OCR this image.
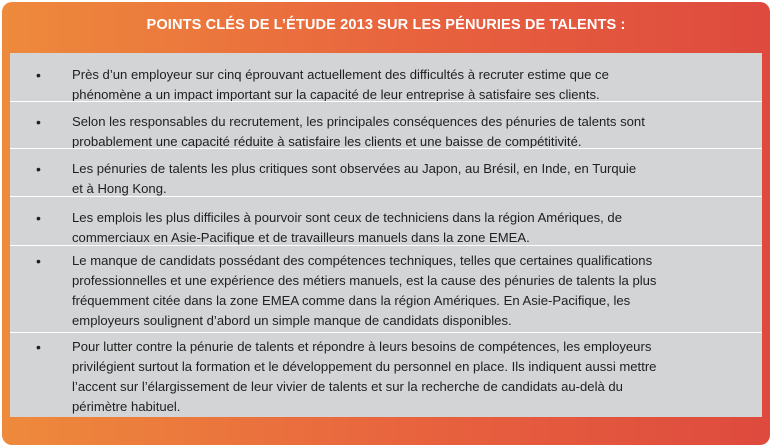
POINTS CLÉS DE L’ÉTUDE 2013 SUR LES PÉNURIES DE TALENTS :
• Près d’un employeur sur cinq éprouvant actuellement des difficultés à recruter estime que ce
phénomène a un impact important sur la capacité de leur entreprise à satisfaire ses clients.
• Selon les responsables du recrutement, les principales conséquences des pénuries de talents sont
probablement une capacité réduite à satisfaire les clients et une baisse de compétitivité.
• Les pénuries de talents les plus critiques sont observées au Japon, au Brésil, en Inde, en Turquie
et à Hong Kong.
• Les emplois les plus difficiles à pourvoir sont ceux de techniciens dans la région Amériques, de
commerciaux en Asie-Pacifique et de travailleurs manuels dans la zone EMEA.
• Le manque de candidats possédant des compétences techniques, telles que certaines qualifications
professionnelles et une expérience des métiers manuels, est la cause des pénuries de talents la plus
fréquemment citée dans la zone EMEA comme dans la région Amériques. En Asie-Pacifique, les
employeurs soulignent d’abord un simple manque de candidats disponibles.
• Pour lutter contre la pénurie de talents et répondre à leurs besoins de compétences, les employeurs
privilégient surtout la formation et le développement du personnel en place. Ils indiquent aussi mettre
l’accent sur l’élargissement de leur vivier de talents et sur la recherche de candidats au-delà du
périmètre habituel.
